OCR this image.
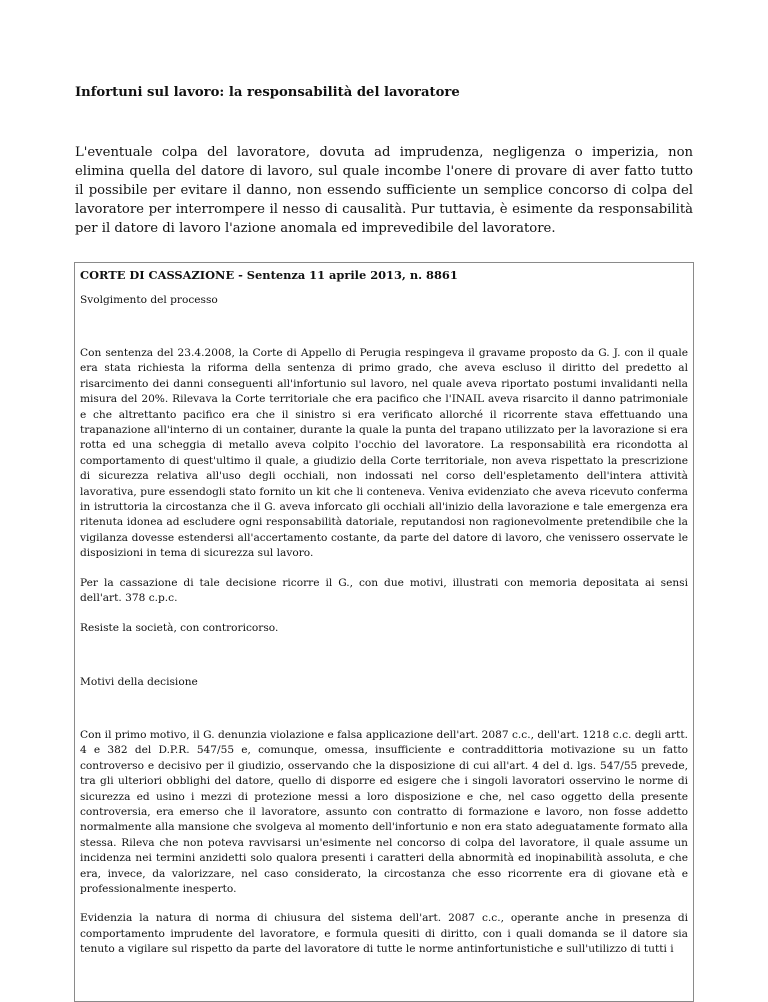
Infortuni sul lavoro: la responsabilità del lavoratore

L'eventuale colpa del lavoratore, dovuta ad imprudenza, negligenza o imperizia, non elimina quella del datore di lavoro, sul quale incombe l'onere di provare di aver fatto tutto il possibile per evitare il danno, non essendo sufficiente un semplice concorso di colpa del lavoratore per interrompere il nesso di causalità. Pur tuttavia, è esimente da responsabilità per il datore di lavoro l'azione anomala ed imprevedibile del lavoratore.

CORTE DI CASSAZIONE - Sentenza 11 aprile 2013, n. 8861

Svolgimento del processo

Con sentenza del 23.4.2008, la Corte di Appello di Perugia respingeva il gravame proposto da G. J. con il quale era stata richiesta la riforma della sentenza di primo grado, che aveva escluso il diritto del predetto al risarcimento dei danni conseguenti all'infortunio sul lavoro, nel quale aveva riportato postumi invalidanti nella misura del 20%. Rilevava la Corte territoriale che era pacifico che l'INAIL aveva risarcito il danno patrimoniale e che altrettanto pacifico era che il sinistro si era verificato allorché il ricorrente stava effettuando una trapanazione all'interno di un container, durante la quale la punta del trapano utilizzato per la lavorazione si era rotta ed una scheggia di metallo aveva colpito l'occhio del lavoratore. La responsabilità era ricondotta al comportamento di quest'ultimo il quale, a giudizio della Corte territoriale, non aveva rispettato la prescrizione di sicurezza relativa all'uso degli occhiali, non indossati nel corso dell'espletamento dell'intera attività lavorativa, pure essendogli stato fornito un kit che li conteneva. Veniva evidenziato che aveva ricevuto conferma in istruttoria la circostanza che il G. aveva inforcato gli occhiali all'inizio della lavorazione e tale emergenza era ritenuta idonea ad escludere ogni responsabilità datoriale, reputandosi non ragionevolmente pretendibile che la vigilanza dovesse estendersi all'accertamento costante, da parte del datore di lavoro, che venissero osservate le disposizioni in tema di sicurezza sul lavoro.

Per la cassazione di tale decisione ricorre il G., con due motivi, illustrati con memoria depositata ai sensi dell'art. 378 c.p.c.

Resiste la società, con controricorso.

Motivi della decisione

Con il primo motivo, il G. denunzia violazione e falsa applicazione dell'art. 2087 c.c., dell'art. 1218 c.c. degli artt. 4 e 382 del D.P.R. 547/55 e, comunque, omessa, insufficiente e contraddittoria motivazione su un fatto controverso e decisivo per il giudizio, osservando che la disposizione di cui all'art. 4 del d. lgs. 547/55 prevede, tra gli ulteriori obblighi del datore, quello di disporre ed esigere che i singoli lavoratori osservino le norme di sicurezza ed usino i mezzi di protezione messi a loro disposizione e che, nel caso oggetto della presente controversia, era emerso che il lavoratore, assunto con contratto di formazione e lavoro, non fosse addetto normalmente alla mansione che svolgeva al momento dell'infortunio e non era stato adeguatamente formato alla stessa. Rileva che non poteva ravvisarsi un'esimente nel concorso di colpa del lavoratore, il quale assume un incidenza nei termini anzidetti solo qualora presenti i caratteri della abnormità ed inopinabilità assoluta, e che era, invece, da valorizzare, nel caso considerato, la circostanza che esso ricorrente era di giovane età e professionalmente inesperto.

Evidenzia la natura di norma di chiusura del sistema dell'art. 2087 c.c., operante anche in presenza di comportamento imprudente del lavoratore, e formula quesiti di diritto, con i quali domanda se il datore sia tenuto a vigilare sul rispetto da parte del lavoratore di tutte le norme antinfortunistiche e sull'utilizzo di tutti i
